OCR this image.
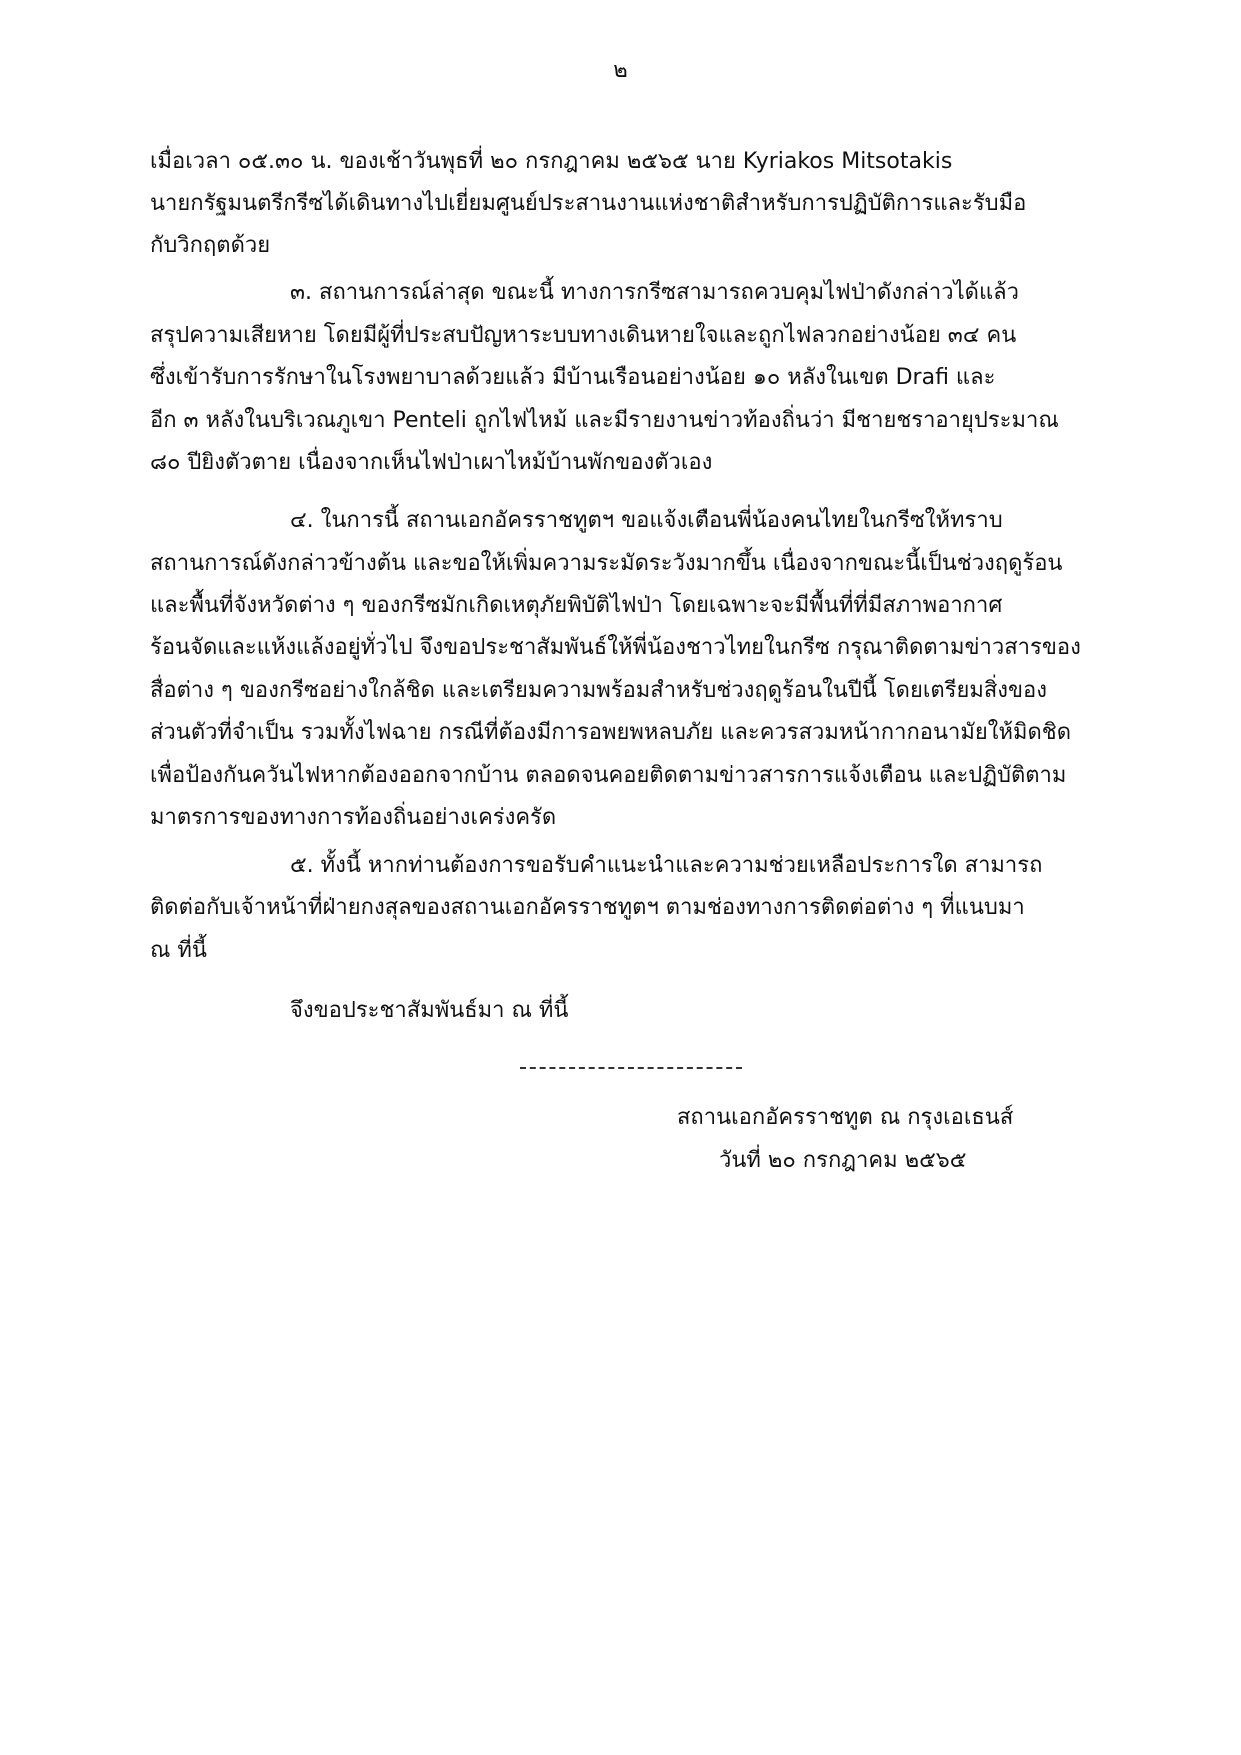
๒
เมื่อเวลา ๐๕.๓๐ น. ของเช้าวันพุธที่ ๒๐ กรกฎาคม ๒๕๖๕ นาย Kyriakos Mitsotakis
นายกรัฐมนตรีกรีซได้เดินทางไปเยี่ยมศูนย์ประสานงานแห่งชาติสำหรับการปฏิบัติการและรับมือ
กับวิกฤตด้วย
๓. สถานการณ์ล่าสุด ขณะนี้ ทางการกรีซสามารถควบคุมไฟป่าดังกล่าวได้แล้ว
สรุปความเสียหาย โดยมีผู้ที่ประสบปัญหาระบบทางเดินหายใจและถูกไฟลวกอย่างน้อย ๓๔ คน
ซึ่งเข้ารับการรักษาในโรงพยาบาลด้วยแล้ว มีบ้านเรือนอย่างน้อย ๑๐ หลังในเขต Drafi และ
อีก ๓ หลังในบริเวณภูเขา Penteli ถูกไฟไหม้ และมีรายงานข่าวท้องถิ่นว่า มีชายชราอายุประมาณ
๘๐ ปียิงตัวตาย เนื่องจากเห็นไฟป่าเผาไหม้บ้านพักของตัวเอง
๔. ในการนี้ สถานเอกอัครราชทูตฯ ขอแจ้งเตือนพี่น้องคนไทยในกรีซให้ทราบ
สถานการณ์ดังกล่าวข้างต้น และขอให้เพิ่มความระมัดระวังมากขึ้น เนื่องจากขณะนี้เป็นช่วงฤดูร้อน
และพื้นที่จังหวัดต่าง ๆ ของกรีซมักเกิดเหตุภัยพิบัติไฟป่า โดยเฉพาะจะมีพื้นที่ที่มีสภาพอากาศ
ร้อนจัดและแห้งแล้งอยู่ทั่วไป จึงขอประชาสัมพันธ์ให้พี่น้องชาวไทยในกรีซ กรุณาติดตามข่าวสารของ
สื่อต่าง ๆ ของกรีซอย่างใกล้ชิด และเตรียมความพร้อมสำหรับช่วงฤดูร้อนในปีนี้ โดยเตรียมสิ่งของ
ส่วนตัวที่จำเป็น รวมทั้งไฟฉาย กรณีที่ต้องมีการอพยพหลบภัย และควรสวมหน้ากากอนามัยให้มิดชิด
เพื่อป้องกันควันไฟหากต้องออกจากบ้าน ตลอดจนคอยติดตามข่าวสารการแจ้งเตือน และปฏิบัติตาม
มาตรการของทางการท้องถิ่นอย่างเคร่งครัด
๕. ทั้งนี้ หากท่านต้องการขอรับคำแนะนำและความช่วยเหลือประการใด สามารถ
ติดต่อกับเจ้าหน้าที่ฝ่ายกงสุลของสถานเอกอัครราชทูตฯ ตามช่องทางการติดต่อต่าง ๆ ที่แนบมา
ณ ที่นี้
จึงขอประชาสัมพันธ์มา ณ ที่นี้
สถานเอกอัครราชทูต ณ กรุงเอเธนส์
วันที่ ๒๐ กรกฎาคม ๒๕๖๕
